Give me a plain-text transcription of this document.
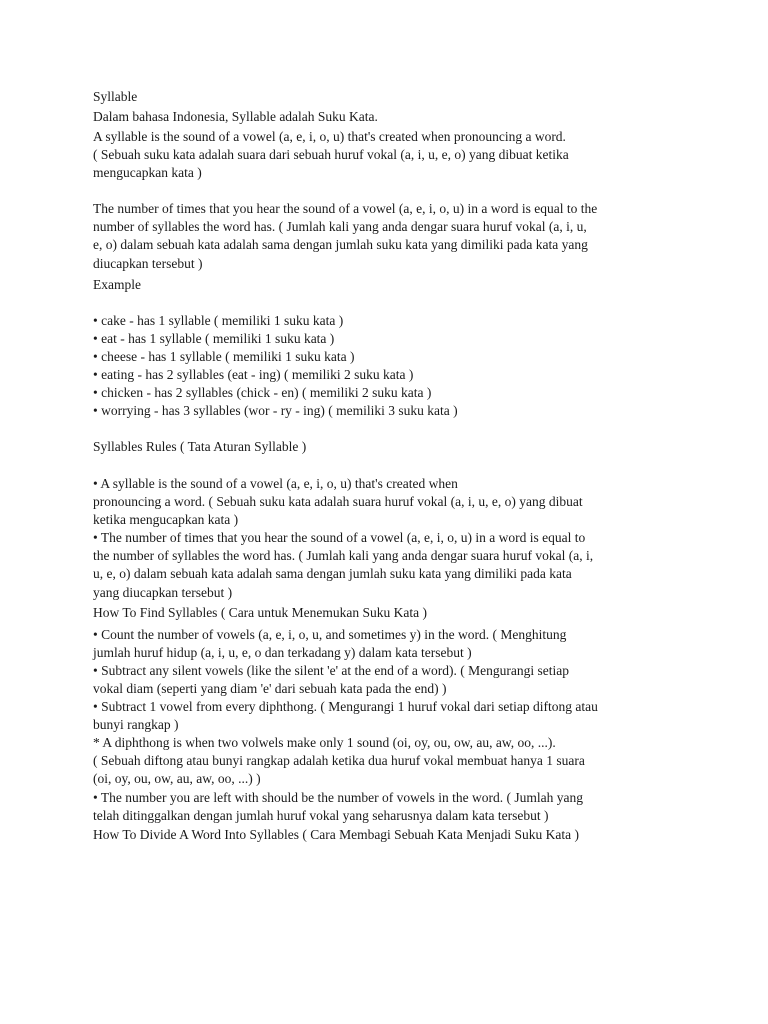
Syllable
Dalam bahasa Indonesia, Syllable adalah Suku Kata.
A syllable is the sound of a vowel (a, e, i, o, u) that's created when pronouncing a word.
( Sebuah suku kata adalah suara dari sebuah huruf vokal (a, i, u, e, o) yang dibuat ketika
mengucapkan kata )
The number of times that you hear the sound of a vowel (a, e, i, o, u) in a word is equal to the
number of syllables the word has. ( Jumlah kali yang anda dengar suara huruf vokal (a, i, u,
e, o) dalam sebuah kata adalah sama dengan jumlah suku kata yang dimiliki pada kata yang
diucapkan tersebut )
Example
• cake - has 1 syllable ( memiliki 1 suku kata )
• eat - has 1 syllable ( memiliki 1 suku kata )
• cheese - has 1 syllable ( memiliki 1 suku kata )
• eating - has 2 syllables (eat - ing) ( memiliki 2 suku kata )
• chicken - has 2 syllables (chick - en) ( memiliki 2 suku kata )
• worrying - has 3 syllables (wor - ry - ing) ( memiliki 3 suku kata )
Syllables Rules ( Tata Aturan Syllable )
• A syllable is the sound of a vowel (a, e, i, o, u) that's created when
pronouncing a word. ( Sebuah suku kata adalah suara huruf vokal (a, i, u, e, o) yang dibuat
ketika mengucapkan kata )
• The number of times that you hear the sound of a vowel (a, e, i, o, u) in a word is equal to
the number of syllables the word has. ( Jumlah kali yang anda dengar suara huruf vokal (a, i,
u, e, o) dalam sebuah kata adalah sama dengan jumlah suku kata yang dimiliki pada kata
yang diucapkan tersebut )
How To Find Syllables ( Cara untuk Menemukan Suku Kata )
• Count the number of vowels (a, e, i, o, u, and sometimes y) in the word. ( Menghitung
jumlah huruf hidup (a, i, u, e, o dan terkadang y) dalam kata tersebut )
• Subtract any silent vowels (like the silent 'e' at the end of a word). ( Mengurangi setiap
vokal diam (seperti yang diam 'e' dari sebuah kata pada the end) )
• Subtract 1 vowel from every diphthong. ( Mengurangi 1 huruf vokal dari setiap diftong atau
bunyi rangkap )
* A diphthong is when two volwels make only 1 sound (oi, oy, ou, ow, au, aw, oo, ...).
( Sebuah diftong atau bunyi rangkap adalah ketika dua huruf vokal membuat hanya 1 suara
(oi, oy, ou, ow, au, aw, oo, ...) )
• The number you are left with should be the number of vowels in the word. ( Jumlah yang
telah ditinggalkan dengan jumlah huruf vokal yang seharusnya dalam kata tersebut )
How To Divide A Word Into Syllables ( Cara Membagi Sebuah Kata Menjadi Suku Kata )
